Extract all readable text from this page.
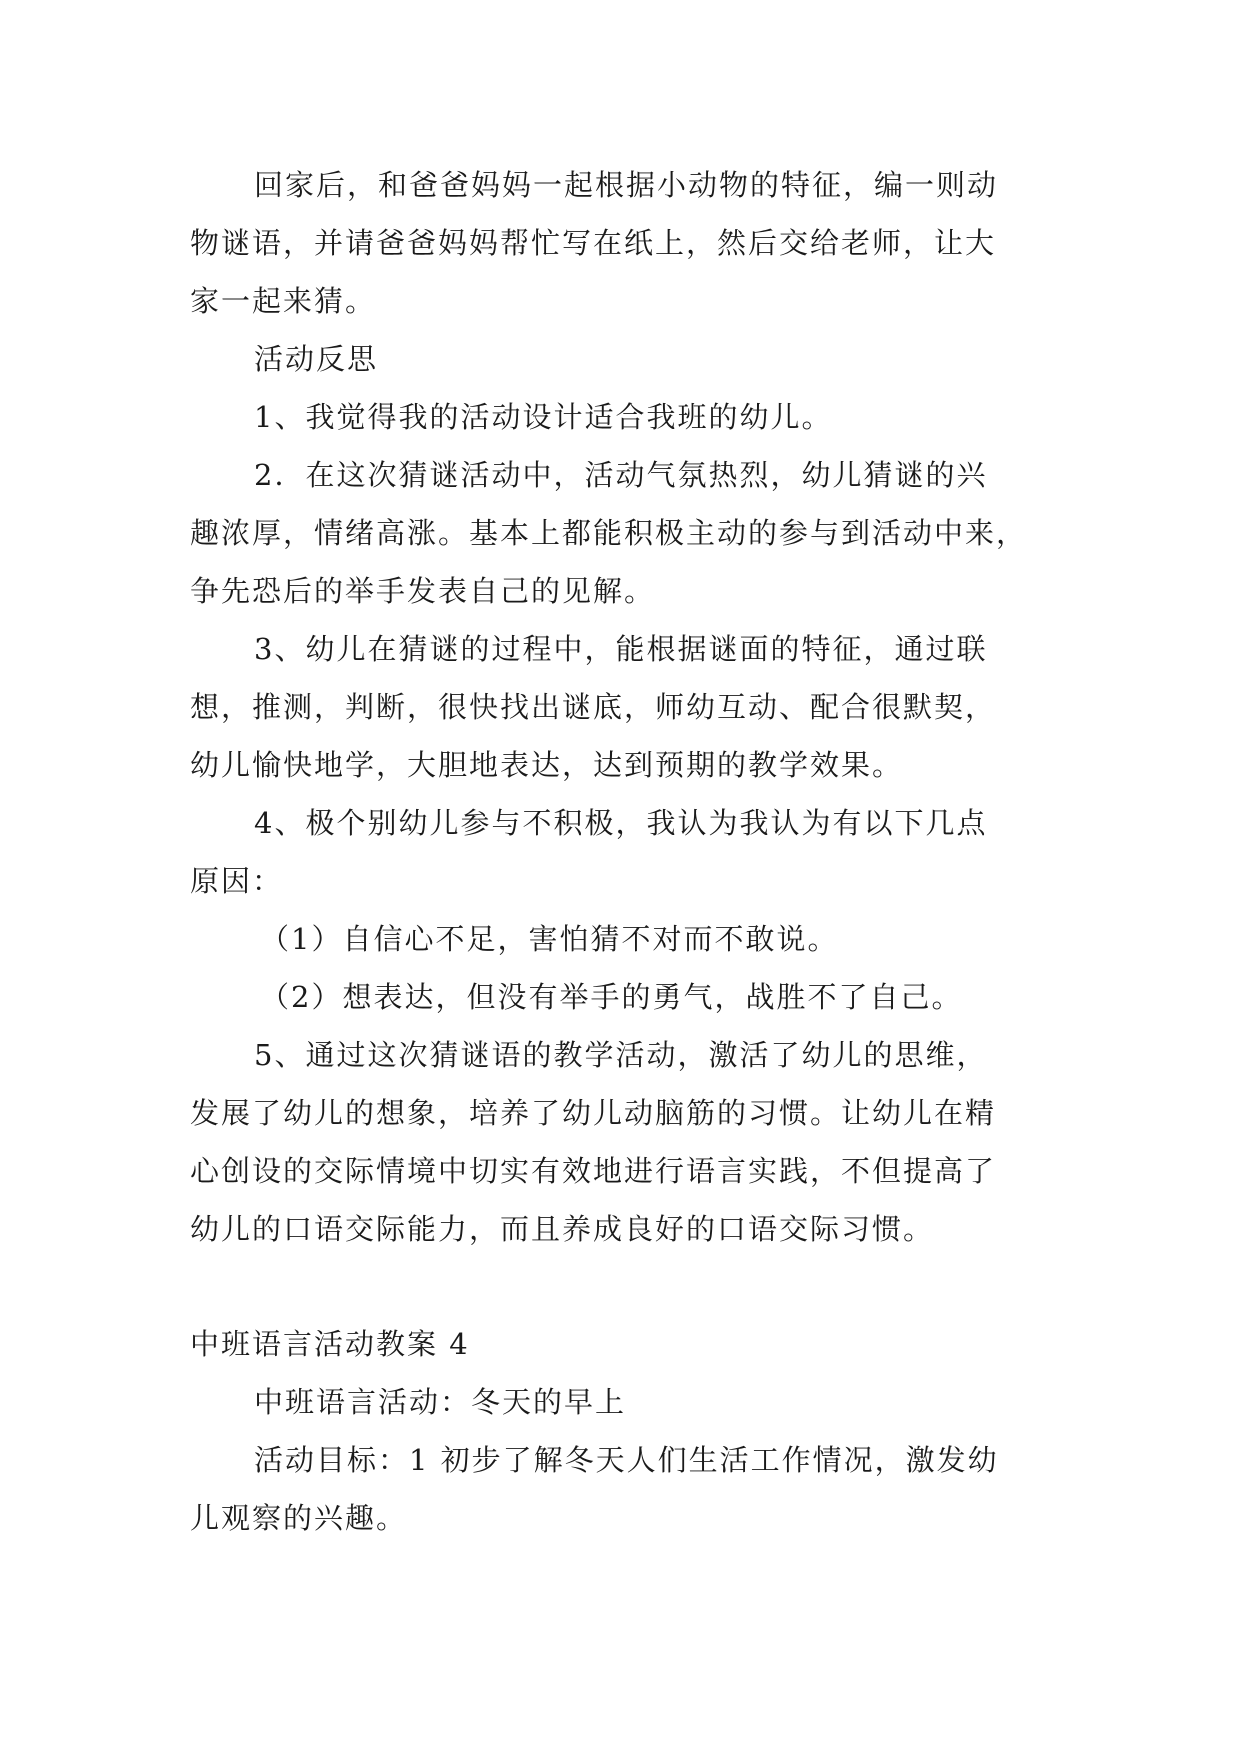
回家后，和爸爸妈妈一起根据小动物的特征，编一则动
物谜语，并请爸爸妈妈帮忙写在纸上，然后交给老师，让大
家一起来猜。

活动反思

1、我觉得我的活动设计适合我班的幼儿。

2．在这次猜谜活动中，活动气氛热烈，幼儿猜谜的兴
趣浓厚，情绪高涨。基本上都能积极主动的参与到活动中来，
争先恐后的举手发表自己的见解。

3、幼儿在猜谜的过程中，能根据谜面的特征，通过联
想，推测，判断，很快找出谜底，师幼互动、配合很默契，
幼儿愉快地学，大胆地表达，达到预期的教学效果。

4、极个别幼儿参与不积极，我认为我认为有以下几点
原因：

（1）自信心不足，害怕猜不对而不敢说。

（2）想表达，但没有举手的勇气，战胜不了自己。

5、通过这次猜谜语的教学活动，激活了幼儿的思维，
发展了幼儿的想象，培养了幼儿动脑筋的习惯。让幼儿在精
心创设的交际情境中切实有效地进行语言实践，不但提高了
幼儿的口语交际能力，而且养成良好的口语交际习惯。

中班语言活动教案 4

中班语言活动：冬天的早上

活动目标：1 初步了解冬天人们生活工作情况，激发幼
儿观察的兴趣。
